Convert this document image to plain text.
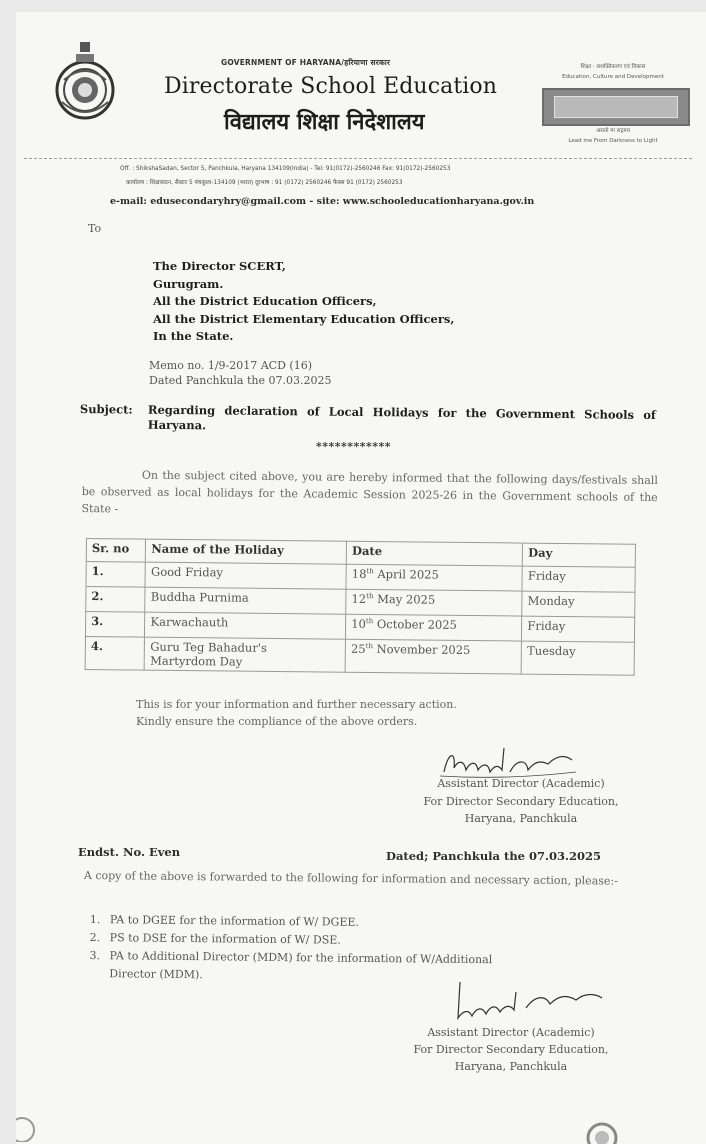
GOVERNMENT OF HARYANA/हरियाणा सरकार
Directorate School Education
विद्यालय शिक्षा निदेशालय
शिक्षा : सशक्तिकरण एवं विकास
Education, Culture and Development
असतो मा सद्गमय
Lead me From Darkness to Light
Off. : ShikshaSadan, Sector 5, Panchkula, Haryana 134109(India) - Tel: 91(0172)-2560246 Fax: 91(0172)-2560253
कार्यालय : शिक्षासदन, सैक्टर 5 पंचकूला-134109 (भारत) दूरभाष : 91 (0172) 2560246 फैक्स 91 (0172) 2560253
e-mail: edusecondaryhry@gmail.com - site: www.schooleducationharyana.gov.in
To
The Director SCERT,
Gurugram.
All the District Education Officers,
All the District Elementary Education Officers,
In the State.
Memo no. 1/9-2017 ACD (16)
Dated Panchkula the 07.03.2025
Subject: Regarding declaration of Local Holidays for the Government Schools of Haryana.
************
On the subject cited above, you are hereby informed that the following days/festivals shall be observed as local holidays for the Academic Session 2025-26 in the Government schools of the State -
Sr. no	Name of the Holiday	Date	Day
1.	Good Friday	18th April 2025	Friday
2.	Buddha Purnima	12th May 2025	Monday
3.	Karwachauth	10th October 2025	Friday
4.	Guru Teg Bahadur's
Martyrdom Day	25th November 2025	Tuesday
This is for your information and further necessary action.
Kindly ensure the compliance of the above orders.
Assistant Director (Academic)
For Director Secondary Education,
Haryana, Panchkula
Endst. No. Even	Dated; Panchkula the 07.03.2025
A copy of the above is forwarded to the following for information and necessary action, please:-
1. PA to DGEE for the information of W/ DGEE.
2. PS to DSE for the information of W/ DSE.
3. PA to Additional Director (MDM) for the information of W/Additional
Director (MDM).
Assistant Director (Academic)
For Director Secondary Education,
Haryana, Panchkula
